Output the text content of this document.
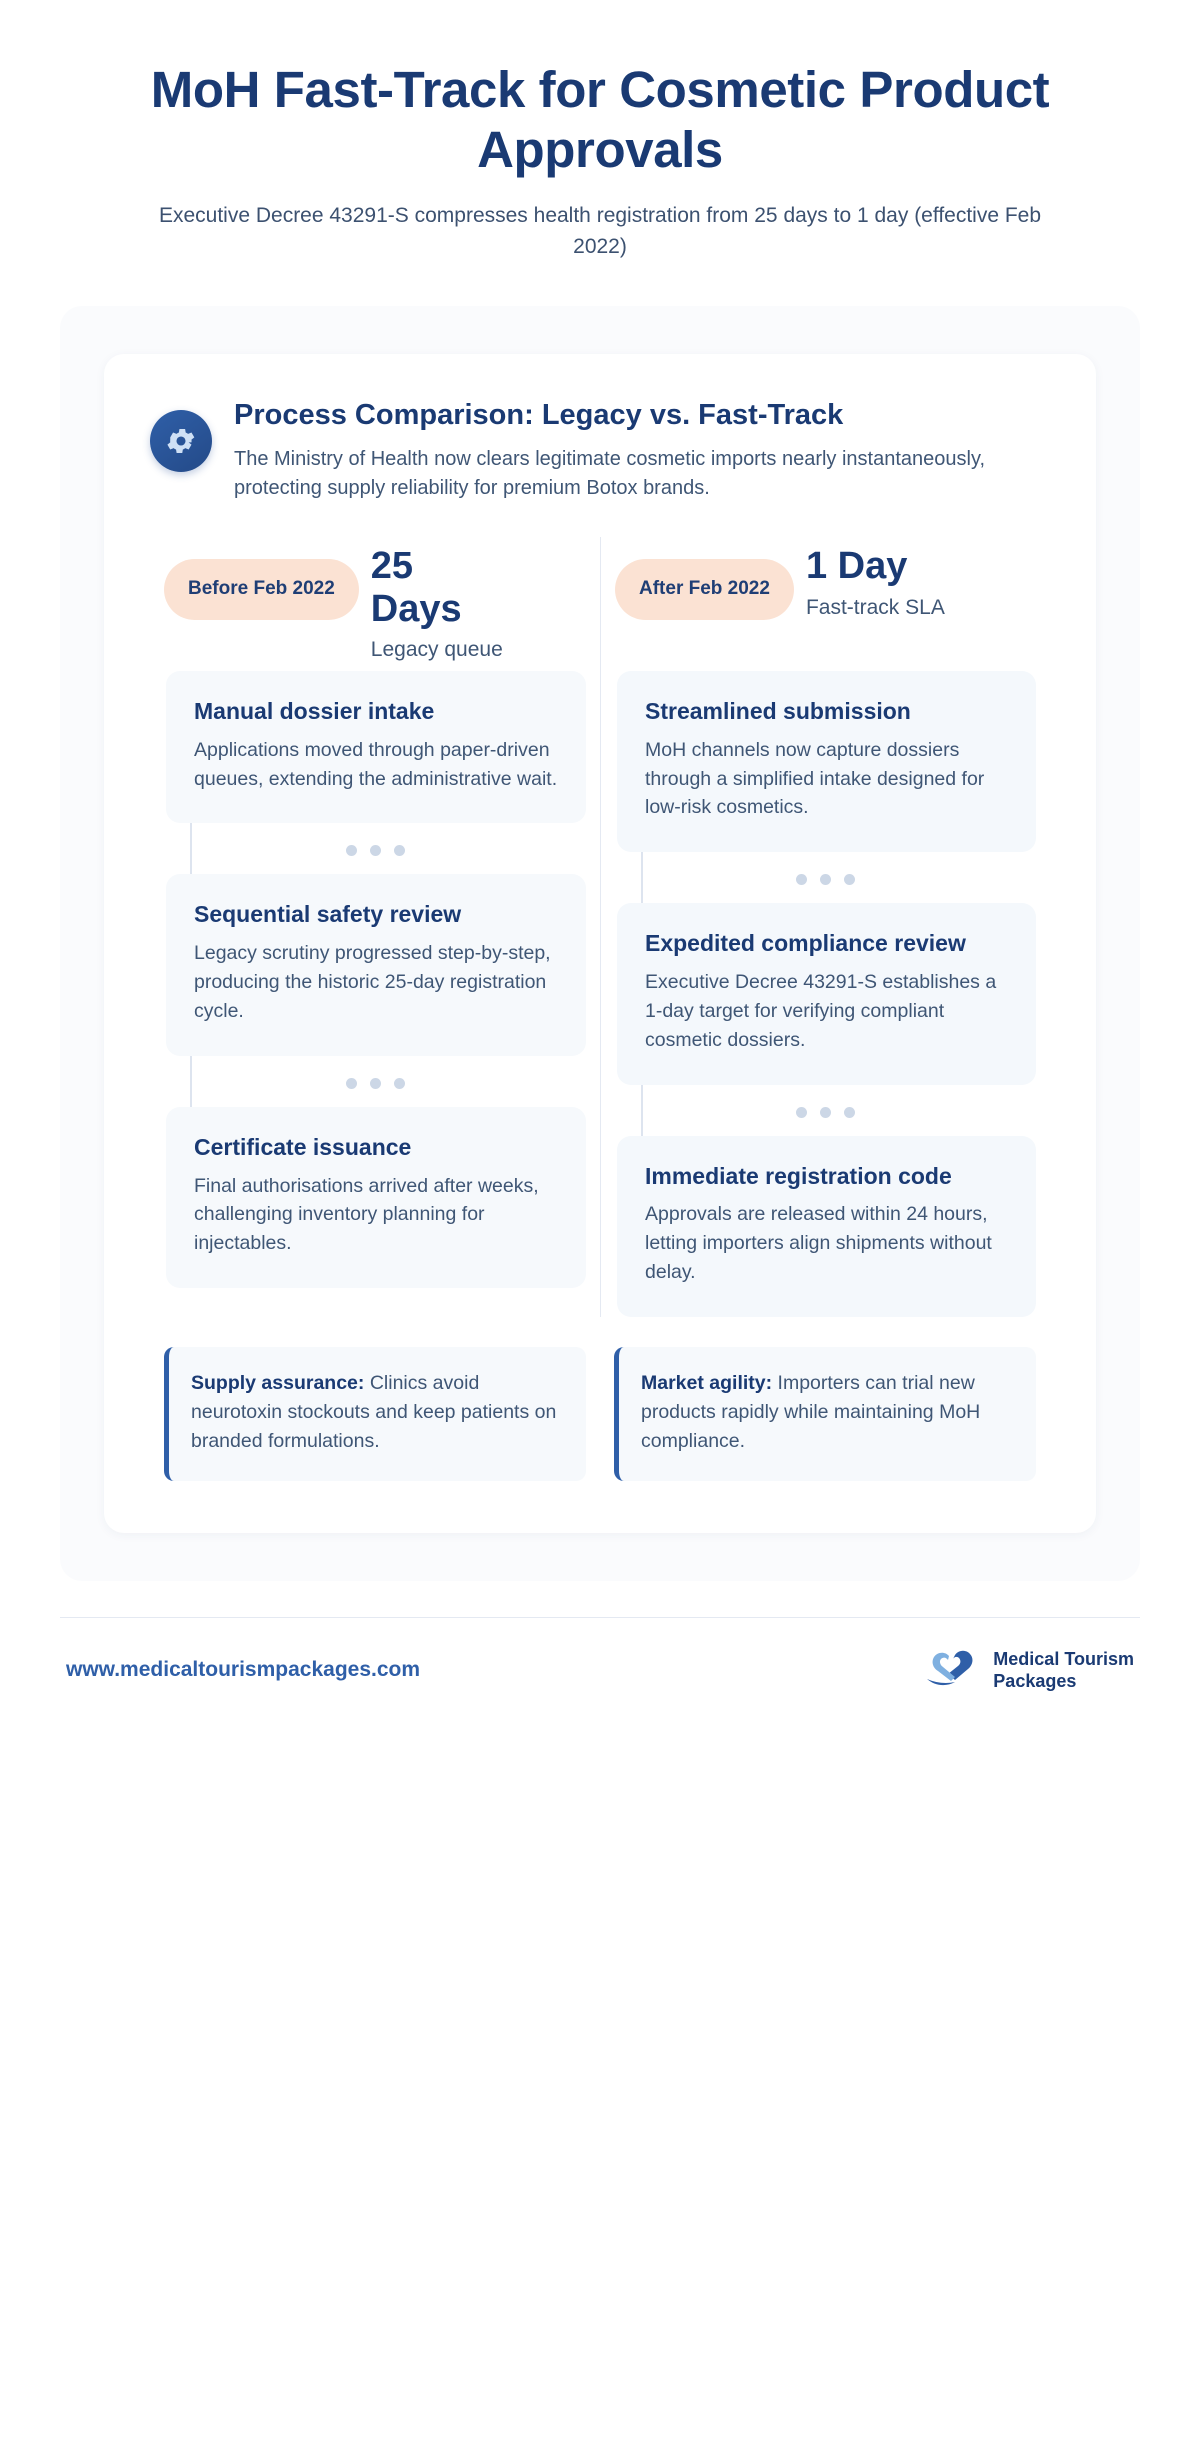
MoH Fast-Track for Cosmetic Product Approvals
Executive Decree 43291-S compresses health registration from 25 days to 1 day (effective Feb 2022)
Process Comparison: Legacy vs. Fast-Track
The Ministry of Health now clears legitimate cosmetic imports nearly instantaneously, protecting supply reliability for premium Botox brands.
Before Feb 2022
25 Days
Legacy queue
Manual dossier intake
Applications moved through paper-driven queues, extending the administrative wait.
Sequential safety review
Legacy scrutiny progressed step-by-step, producing the historic 25-day registration cycle.
Certificate issuance
Final authorisations arrived after weeks, challenging inventory planning for injectables.
After Feb 2022
1 Day
Fast-track SLA
Streamlined submission
MoH channels now capture dossiers through a simplified intake designed for low-risk cosmetics.
Expedited compliance review
Executive Decree 43291-S establishes a 1-day target for verifying compliant cosmetic dossiers.
Immediate registration code
Approvals are released within 24 hours, letting importers align shipments without delay.
Supply assurance: Clinics avoid neurotoxin stockouts and keep patients on branded formulations.
Market agility: Importers can trial new products rapidly while maintaining MoH compliance.
www.medicaltourismpackages.com	Medical Tourism
Packages
